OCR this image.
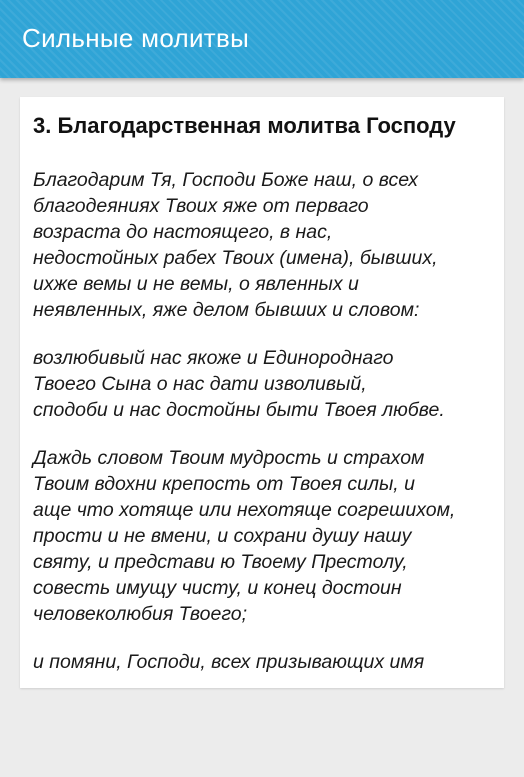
Сильные молитвы
3. Благодарственная молитва Господу

Благодарим Тя, Господи Боже наш, о всех
благодеяниях Твоих яже от перваго
возраста до настоящего, в нас,
недостойных рабех Твоих (имена), бывших,
ихже вемы и не вемы, о явленных и
неявленных, яже делом бывших и словом:

возлюбивый нас якоже и Единороднаго
Твоего Сына о нас дати изволивый,
сподоби и нас достойны быти Твоея любве.

Даждь словом Твоим мудрость и страхом
Твоим вдохни крепость от Твоея силы, и
аще что хотяще или нехотяще согрешихом,
прости и не вмени, и сохрани душу нашу
святу, и представи ю Твоему Престолу,
совесть имущу чисту, и конец достоин
человеколюбия Твоего;

и помяни, Господи, всех призывающих имя
